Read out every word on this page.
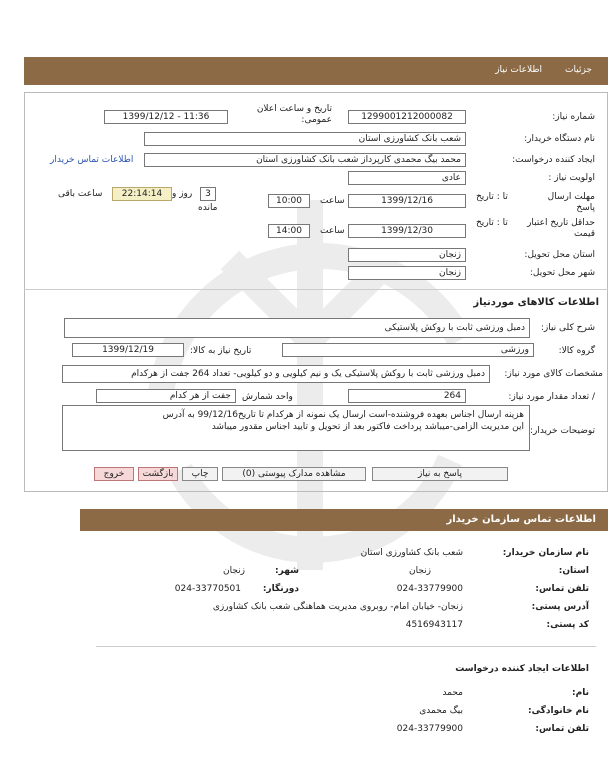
جزئیات
اطلاعات نیاز
شماره نیاز:
1299001212000082
تاریخ و ساعت اعلان عمومی:
1399/12/12 - 11:36
نام دستگاه خریدار:
شعب بانک کشاورزی استان
ایجاد کننده درخواست:
محمد بیگ محمدی کارپرداز شعب بانک کشاورزی استان
اطلاعات تماس خریدار
اولویت نیاز :
عادی
مهلت ارسال پاسخ
تا : تاریخ
1399/12/16
ساعت
10:00
3
روز و
مانده
22:14:14
ساعت باقی
حداقل تاریخ اعتبار قیمت
تا : تاریخ
1399/12/30
ساعت
14:00
استان محل تحویل:
زنجان
شهر محل تحویل:
زنجان
اطلاعات کالاهای موردنیاز
شرح کلی نیاز:
دمبل ورزشی ثابت با روکش پلاستیکی
گروه کالا:
ورزشی
تاریخ نیاز به کالا:
1399/12/19
مشخصات کالای مورد نیاز:
دمبل ورزشی ثابت با روکش پلاستیکی یک و نیم کیلویی و دو کیلویی- تعداد 264 جفت از هرکدام
/ تعداد مقدار مورد نیاز:
264
واحد شمارش
جفت از هر کدام
توضیحات خریدار:
هزینه ارسال اجناس بعهده فروشنده-است ارسال یک نمونه از هرکدام تا تاریخ99/12/16 به آدرس
این مدیریت الزامی-میباشد پرداخت فاکتور بعد از تحویل و تایید اجناس مقدور میباشد
پاسخ به نیاز
مشاهده مدارک پیوستی (0)
چاپ
بازگشت
خروج
اطلاعات تماس سازمان خریدار
نام سازمان خریدار:
شعب بانک کشاورزی استان
استان:
زنجان
شهر:
زنجان
تلفن تماس:
024-33779900
دورنگار:
024-33770501
آدرس پستی:
زنجان- خیابان امام- روبروی مدیریت هماهنگی شعب بانک کشاورزی
کد پستی:
4516943117
اطلاعات ایجاد کننده درخواست
نام:
محمد
نام خانوادگی:
بیگ محمدی
تلفن تماس:
024-33779900
